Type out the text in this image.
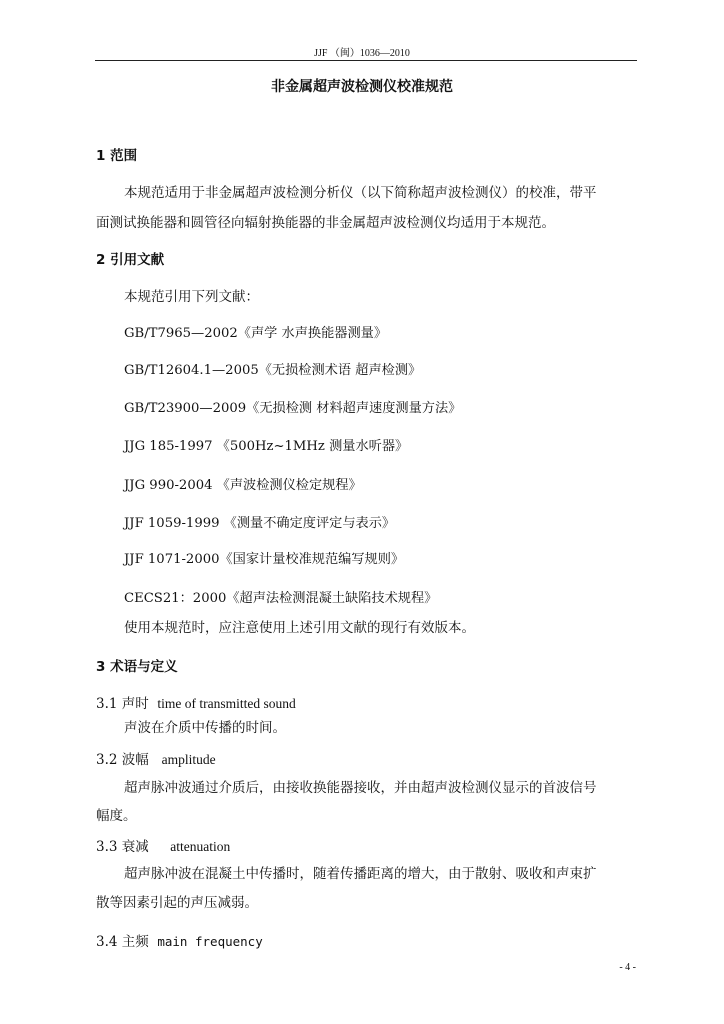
JJF （闽）1036—2010
非金属超声波检测仪校准规范
1 范围
本规范适用于非金属超声波检测分析仪（以下简称超声波检测仪）的校准，带平
面测试换能器和圆管径向辐射换能器的非金属超声波检测仪均适用于本规范。
2 引用文献
本规范引用下列文献：
GB/T7965—2002《声学 水声换能器测量》
GB/T12604.1—2005《无损检测术语 超声检测》
GB/T23900—2009《无损检测 材料超声速度测量方法》
JJG 185-1997 《500Hz~1MHz 测量水听器》
JJG 990-2004 《声波检测仪检定规程》
JJF 1059-1999 《测量不确定度评定与表示》
JJF 1071-2000《国家计量校准规范编写规则》
CECS21：2000《超声法检测混凝土缺陷技术规程》
使用本规范时，应注意使用上述引用文献的现行有效版本。
3 术语与定义
3.1 声时 time of transmitted sound
声波在介质中传播的时间。
3.2 波幅 amplitude
超声脉冲波通过介质后，由接收换能器接收，并由超声波检测仪显示的首波信号
幅度。
3.3 衰减 attenuation
超声脉冲波在混凝土中传播时，随着传播距离的增大，由于散射、吸收和声束扩
散等因素引起的声压减弱。
3.4 主频 main frequency
- 4 -
